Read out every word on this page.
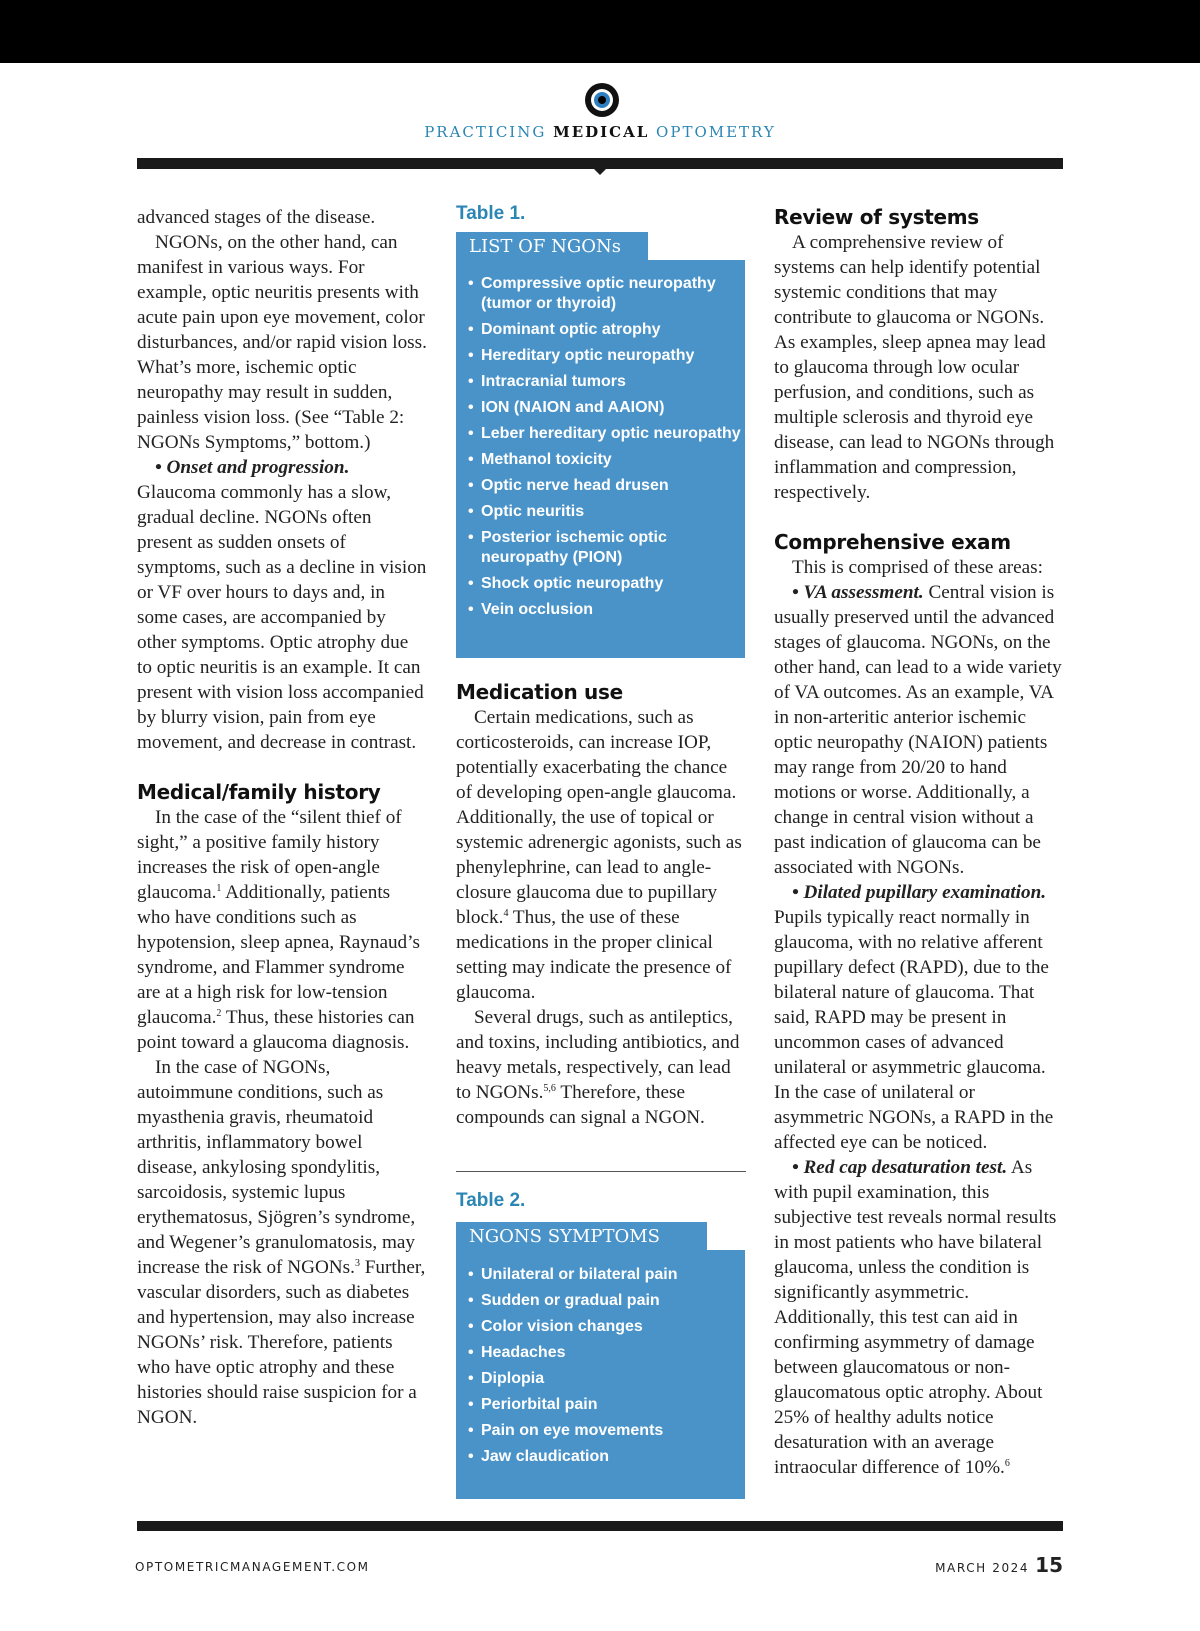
PRACTICING MEDICAL OPTOMETRY

advanced stages of the disease.

NGONs, on the other hand, can manifest in various ways. For example, optic neuritis presents with acute pain upon eye movement, color disturbances, and/or rapid vision loss. What’s more, ischemic optic neuropathy may result in sudden, painless vision loss. (See “Table 2: NGONs Symptoms,” bottom.)

• Onset and progression. Glaucoma commonly has a slow, gradual decline. NGONs often present as sudden onsets of symptoms, such as a decline in vision or VF over hours to days and, in some cases, are accompanied by other symptoms. Optic atrophy due to optic neuritis is an example. It can present with vision loss accompanied by blurry vision, pain from eye movement, and decrease in contrast.

Medical/family history

In the case of the “silent thief of sight,” a positive family history increases the risk of open-angle glaucoma.$^1$ Additionally, patients who have conditions such as hypotension, sleep apnea, Raynaud’s syndrome, and Flammer syndrome are at a high risk for low-tension glaucoma.$^2$ Thus, these histories can point toward a glaucoma diagnosis.

In the case of NGONs, autoimmune conditions, such as myasthenia gravis, rheumatoid arthritis, inflammatory bowel disease, ankylosing spondylitis, sarcoidosis, systemic lupus erythematosus, Sjögren’s syndrome, and Wegener’s granulomatosis, may increase the risk of NGONs.$^3$ Further, vascular disorders, such as diabetes and hypertension, may also increase NGONs’ risk. Therefore, patients who have optic atrophy and these histories should raise suspicion for a NGON.

Table 1.
LIST OF NGONs
• Compressive optic neuropathy (tumor or thyroid)
• Dominant optic atrophy
• Hereditary optic neuropathy
• Intracranial tumors
• ION (NAION and AAION)
• Leber hereditary optic neuropathy
• Methanol toxicity
• Optic nerve head drusen
• Optic neuritis
• Posterior ischemic optic neuropathy (PION)
• Shock optic neuropathy
• Vein occlusion
Medication use

Certain medications, such as corticosteroids, can increase IOP, potentially exacerbating the chance of developing open-angle glaucoma. Additionally, the use of topical or systemic adrenergic agonists, such as phenylephrine, can lead to angle-closure glaucoma due to pupillary block.$^4$ Thus, the use of these medications in the proper clinical setting may indicate the presence of glaucoma.

Several drugs, such as antileptics, and toxins, including antibiotics, and heavy metals, respectively, can lead to NGONs.$^{5,6}$ Therefore, these compounds can signal a NGON.

Table 2.
NGONS SYMPTOMS
• Unilateral or bilateral pain
• Sudden or gradual pain
• Color vision changes
• Headaches
• Diplopia
• Periorbital pain
• Pain on eye movements
• Jaw claudication
Review of systems

A comprehensive review of systems can help identify potential systemic conditions that may contribute to glaucoma or NGONs. As examples, sleep apnea may lead to glaucoma through low ocular perfusion, and conditions, such as multiple sclerosis and thyroid eye disease, can lead to NGONs through inflammation and compression, respectively.

Comprehensive exam

This is comprised of these areas:

• VA assessment. Central vision is usually preserved until the advanced stages of glaucoma. NGONs, on the other hand, can lead to a wide variety of VA outcomes. As an example, VA in non-arteritic anterior ischemic optic neuropathy (NAION) patients may range from 20/20 to hand motions or worse. Additionally, a change in central vision without a past indication of glaucoma can be associated with NGONs.

• Dilated pupillary examination. Pupils typically react normally in glaucoma, with no relative afferent pupillary defect (RAPD), due to the bilateral nature of glaucoma. That said, RAPD may be present in uncommon cases of advanced unilateral or asymmetric glaucoma. In the case of unilateral or asymmetric NGONs, a RAPD in the affected eye can be noticed.

• Red cap desaturation test. As with pupil examination, this subjective test reveals normal results in most patients who have bilateral glaucoma, unless the condition is significantly asymmetric. Additionally, this test can aid in confirming asymmetry of damage between glaucomatous or non-glaucomatous optic atrophy. About 25% of healthy adults notice desaturation with an average intraocular difference of 10%.$^6$

OPTOMETRICMANAGEMENT.COM	MARCH 2024 15
